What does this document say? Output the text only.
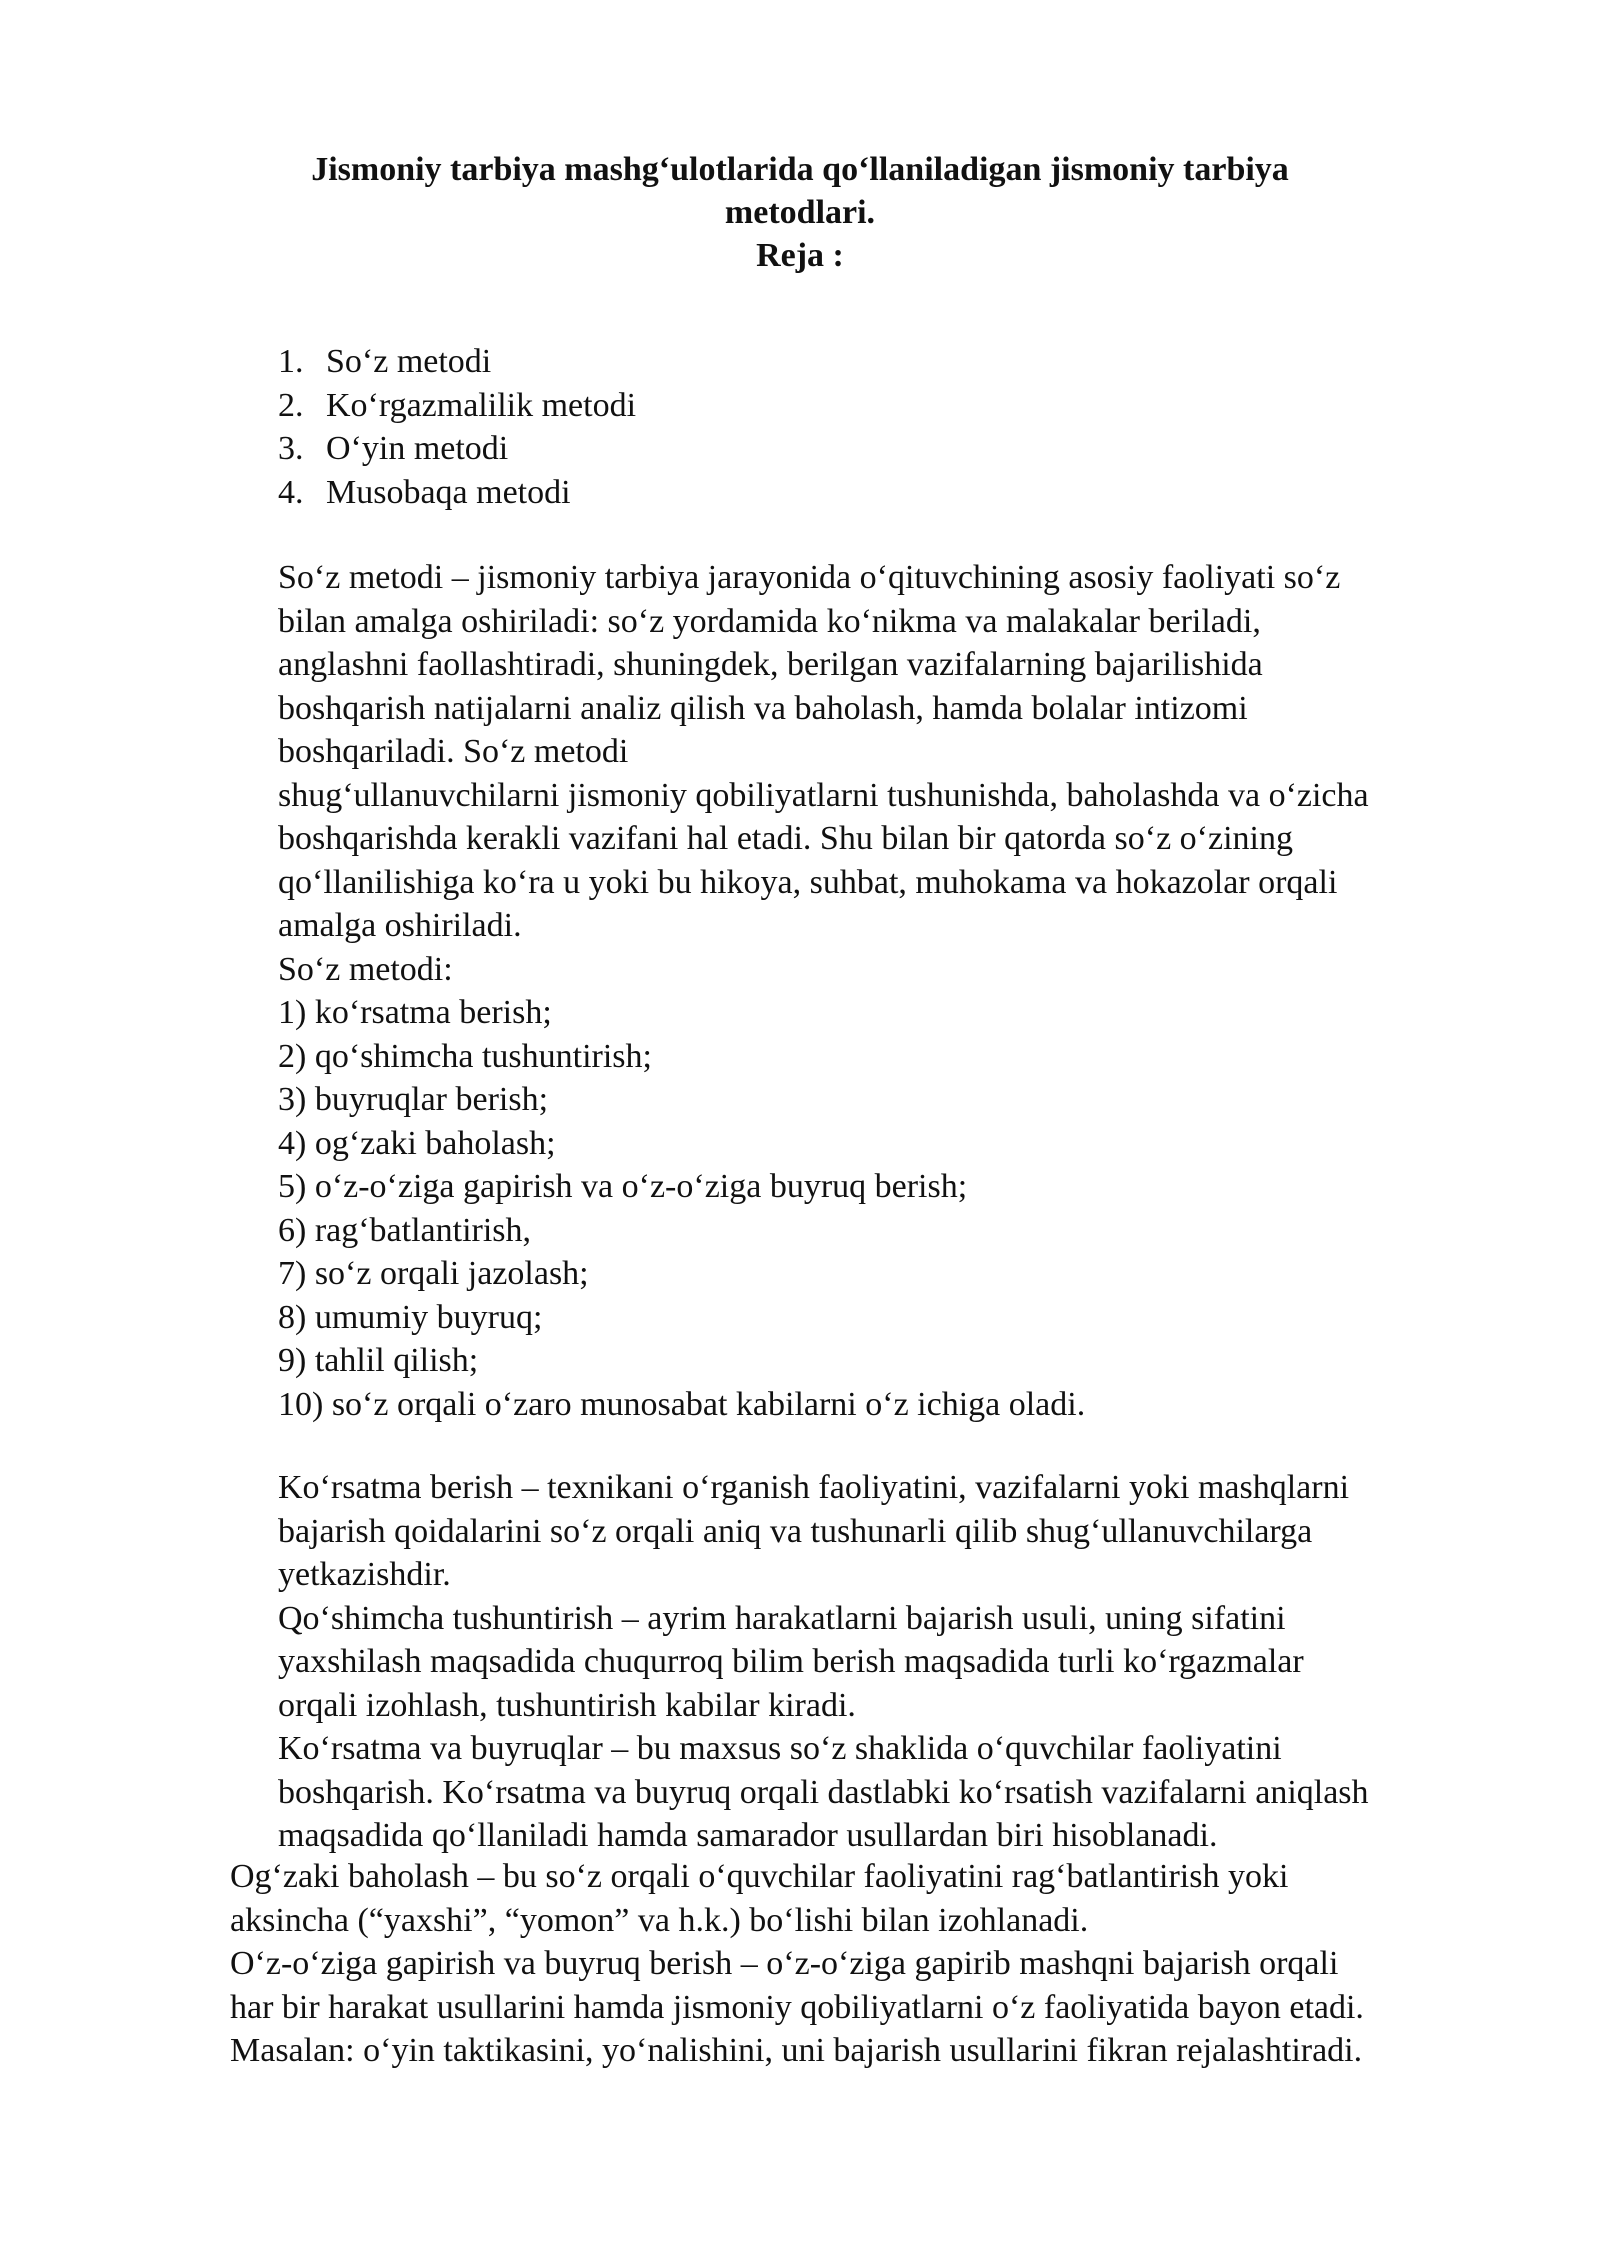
Jismoniy tarbiya mashg‘ulotlarida qo‘llaniladigan jismoniy tarbiya
metodlari.
Reja :
1. So‘z metodi
2. Ko‘rgazmalilik metodi
3. O‘yin metodi
4. Musobaqa metodi
So‘z metodi – jismoniy tarbiya jarayonida o‘qituvchining asosiy faoliyati so‘z
bilan amalga oshiriladi: so‘z yordamida ko‘nikma va malakalar beriladi,
anglashni faollashtiradi, shuningdek, berilgan vazifalarning bajarilishida
boshqarish natijalarni analiz qilish va baholash, hamda bolalar intizomi
boshqariladi. So‘z metodi
shug‘ullanuvchilarni jismoniy qobiliyatlarni tushunishda, baholashda va o‘zicha
boshqarishda kerakli vazifani hal etadi. Shu bilan bir qatorda so‘z o‘zining
qo‘llanilishiga ko‘ra u yoki bu hikoya, suhbat, muhokama va hokazolar orqali
amalga oshiriladi.
So‘z metodi:
1) ko‘rsatma berish;
2) qo‘shimcha tushuntirish;
3) buyruqlar berish;
4) og‘zaki baholash;
5) o‘z-o‘ziga gapirish va o‘z-o‘ziga buyruq berish;
6) rag‘batlantirish,
7) so‘z orqali jazolash;
8) umumiy buyruq;
9) tahlil qilish;
10) so‘z orqali o‘zaro munosabat kabilarni o‘z ichiga oladi.
Ko‘rsatma berish – texnikani o‘rganish faoliyatini, vazifalarni yoki mashqlarni
bajarish qoidalarini so‘z orqali aniq va tushunarli qilib shug‘ullanuvchilarga
yetkazishdir.
Qo‘shimcha tushuntirish – ayrim harakatlarni bajarish usuli, uning sifatini
yaxshilash maqsadida chuqurroq bilim berish maqsadida turli ko‘rgazmalar
orqali izohlash, tushuntirish kabilar kiradi.
Ko‘rsatma va buyruqlar – bu maxsus so‘z shaklida o‘quvchilar faoliyatini
boshqarish. Ko‘rsatma va buyruq orqali dastlabki ko‘rsatish vazifalarni aniqlash
maqsadida qo‘llaniladi hamda samarador usullardan biri hisoblanadi.
Og‘zaki baholash – bu so‘z orqali o‘quvchilar faoliyatini rag‘batlantirish yoki
aksincha (“yaxshi”, “yomon” va h.k.) bo‘lishi bilan izohlanadi.
O‘z-o‘ziga gapirish va buyruq berish – o‘z-o‘ziga gapirib mashqni bajarish orqali
har bir harakat usullarini hamda jismoniy qobiliyatlarni o‘z faoliyatida bayon etadi.
Masalan: o‘yin taktikasini, yo‘nalishini, uni bajarish usullarini fikran rejalashtiradi.
